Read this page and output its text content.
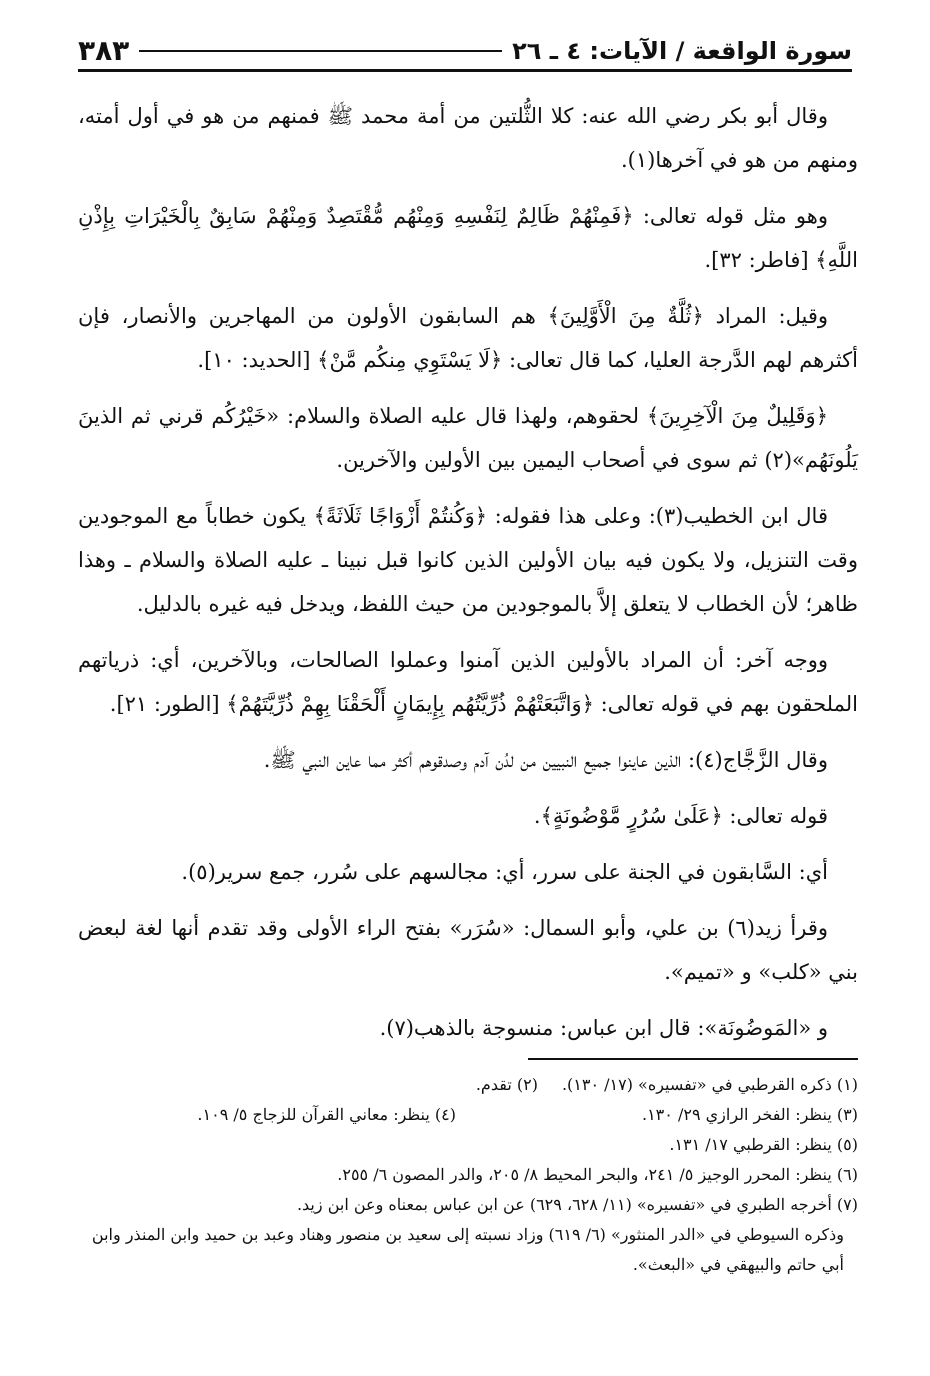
سورة الواقعة / الآيات: ٤ ـ ٢٦
٣٨٣

وقال أبو بكر رضي الله عنه: كلا الثُّلتين من أمة محمد ﷺ فمنهم من هو في أول أمته، ومنهم من هو في آخرها(١).

وهو مثل قوله تعالى: ﴿فَمِنْهُمْ ظَالِمٌ لِنَفْسِهِ وَمِنْهُم مُّقْتَصِدٌ وَمِنْهُمْ سَابِقٌ بِالْخَيْرَاتِ بِإِذْنِ اللَّهِ﴾ [فاطر: ٣٢].

وقيل: المراد ﴿ثُلَّةٌ مِنَ الْأَوَّلِينَ﴾ هم السابقون الأولون من المهاجرين والأنصار، فإن أكثرهم لهم الدَّرجة العليا، كما قال تعالى: ﴿لَا يَسْتَوِي مِنكُم مَّنْ﴾ [الحديد: ١٠].

﴿وَقَلِيلٌ مِنَ الْآخِرِينَ﴾ لحقوهم، ولهذا قال عليه الصلاة والسلام: «خَيْرُكُم قرني ثم الذينَ يَلُونَهُم»(٢) ثم سوى في أصحاب اليمين بين الأولين والآخرين.

قال ابن الخطيب(٣): وعلى هذا فقوله: ﴿وَكُنتُمْ أَزْوَاجًا ثَلَاثَةً﴾ يكون خطاباً مع الموجودين وقت التنزيل، ولا يكون فيه بيان الأولين الذين كانوا قبل نبينا ـ عليه الصلاة والسلام ـ وهذا ظاهر؛ لأن الخطاب لا يتعلق إلاَّ بالموجودين من حيث اللفظ، ويدخل فيه غيره بالدليل.

ووجه آخر: أن المراد بالأولين الذين آمنوا وعملوا الصالحات، وبالآخرين، أي: ذرياتهم الملحقون بهم في قوله تعالى: ﴿وَاتَّبَعَتْهُمْ ذُرِّيَّتُهُم بِإِيمَانٍ أَلْحَقْنَا بِهِمْ ذُرِّيَّتَهُمْ﴾ [الطور: ٢١].

وقال الزَّجَّاج(٤): الذين عاينوا جميع النبيين من لدُن آدم وصدقوهم أكثر مما عاين النبي ﷺ.

قوله تعالى: ﴿عَلَىٰ سُرُرٍ مَّوْضُونَةٍ﴾.

أي: السَّابقون في الجنة على سرر، أي: مجالسهم على سُرر، جمع سرير(٥).

وقرأ زيد(٦) بن علي، وأبو السمال: «سُرَر» بفتح الراء الأولى وقد تقدم أنها لغة لبعض بني «كلب» و «تميم».

و «المَوضُونَة»: قال ابن عباس: منسوجة بالذهب(٧).

(١) ذكره القرطبي في «تفسيره» (١٧/ ١٣٠).
(٢) تقدم.
(٣) ينظر: الفخر الرازي ٢٩/ ١٣٠.
(٤) ينظر: معاني القرآن للزجاج ٥/ ١٠٩.
(٥) ينظر: القرطبي ١٧/ ١٣١.
(٦) ينظر: المحرر الوجيز ٥/ ٢٤١، والبحر المحيط ٨/ ٢٠٥، والدر المصون ٦/ ٢٥٥.
(٧) أخرجه الطبري في «تفسيره» (١١/ ٦٢٨، ٦٢٩) عن ابن عباس بمعناه وعن ابن زيد.
وذكره السيوطي في «الدر المنثور» (٦/ ٦١٩) وزاد نسبته إلى سعيد بن منصور وهناد وعبد بن حميد وابن المنذر وابن أبي حاتم والبيهقي في «البعث».
